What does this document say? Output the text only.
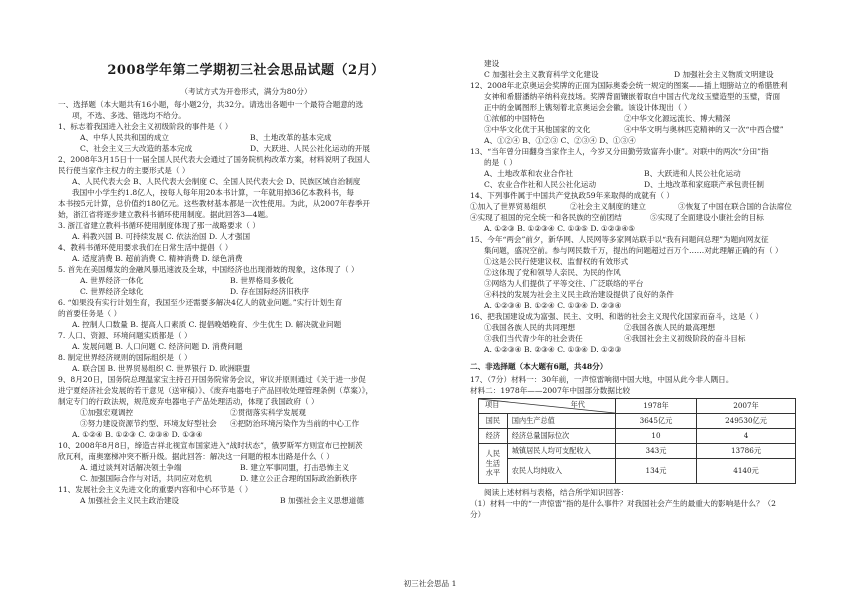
2008学年第二学期初三社会思品试题（2月）
（考试方式为开卷形式，满分为80分）

一、选择题（本大题共有16小题，每小题2分，共32分。请选出各题中一个最符合题意的选

项，不选、多选、错选均不给分。

1、标志着我国进入社会主义初级阶段的事件是（ ）

A、中华人民共和国的成立	B、土地改革的基本完成
C、社会主义三大改造的基本完成	D、大跃进、人民公社化运动的开展

2、2008年3月15日十一届全国人民代表大会通过了国务院机构改革方案，材料说明了我国人

民行使当家作主权力的主要形式是（ ）

A、人民代表大会 B、人民代表大会制度 C、全国人民代表大会 D、民族区域自治制度

我国中小学生约1.8亿人，按每人每年用20本书计算，一年就用掉36亿本教科书，每

本书按5元计算，总价值约180亿元。这些教材基本都是一次性使用。为此，从2007年春季开

始，浙江省将逐步建立教科书循环使用制度。据此回答3—4题。

3. 浙江省建立教科书循环使用制度体现了那一战略要求（ ）

A. 科教兴国 B. 可持续发展 C. 依法治国 D. 人才强国

4、教科书循环使用要求我们在日常生活中提倡（ ）

A. 适度消费 B. 超前消费 C. 精神消费 D. 绿色消费

5. 首先在美国爆发的金融风暴迅速波及全球，中国经济也出现滑坡的现象，这体现了（ ）

A. 世界经济一体化	B. 世界格局多极化
C. 世界经济全球化	D. 存在国际经济旧秩序

6. “如果没有实行计划生育，我国至少还需要多解决4亿人的就业问题。”实行计划生育

的首要任务是（ ）

A. 控制人口数量 B. 提高人口素质 C. 提倡晚婚晚育、少生优生 D. 解决就业问题

7. 人口、资源、环境问题实质都是（ ）

A. 发展问题 B. 人口问题 C. 经济问题 D. 消费问题

8. 制定世界经济规则的国际组织是（ ）

A. 联合国 B. 世界贸易组织 C. 世界银行 D. 欧洲联盟

9、8月20日，国务院总理温家宝主持召开国务院常务会议，审议并原则通过《关于进一步促

进宁夏经济社会发展的若干意见（送审稿）》、《废弃电器电子产品回收处理管理条例（草案）》，

制定专门的行政法规，规范废弃电器电子产品处理活动，体现了我国政府（ ）

①加强宏观调控	②贯彻落实科学发展观
③努力建设资源节约型、环境友好型社会	④把防治环境污染作为当前的中心工作

A. ①②④ B. ①②③ C. ②③④ D. ①③④

10、2008年8月8日，缔造吉祥北视宣布国家进入“战时状态”，俄罗斯军方则宣布已控制茨

欣瓦利，南奥塞梯冲突不断升级。据此回答：解决这一问题的根本出路是什么（ ）

A. 通过谈判对话解决领土争端	B. 建立军事同盟，打击恐怖主义
C. 加强国际合作与对话，共同应对危机	D. 建立公正合理的国际政治新秩序

11、发展社会主义先进文化的重要内容和中心环节是（ ）

A 加强社会主义民主政治建设	B 加强社会主义思想道德

建设

C 加强社会主义教育科学文化建设	D 加强社会主义物质文明建设

12、2008年北京奥运会奖牌的正面为国际奥委会统一规定的图案——插上翅膀站立的希腊胜利

女神和希腊潘纳辛纳科竞技场。奖牌背面镶嵌着取自中国古代龙纹玉璧造型的玉璧，背面

正中的金属图形上镌刻着北京奥运会会徽。该设计体现出（ ）

①浓郁的中国特色	②中华文化源远流长、博大精深
③中华文化优于其他国家的文化	④中华文明与奥林匹克精神的又一次“中西合璧”

A、①②④ B、①②③ C、②③④ D、①③④

13、“当年曾分田翻身当家作主人，今岁又分田勤劳致富奔小康”。对联中的两次“分田”指

的是（ ）

A、土地改革和农业合作社	B、大跃进和人民公社化运动
C、农业合作社和人民公社化运动	D、土地改革和家庭联产承包责任制

14、下列事件属于中国共产党执政59年来取得的成就有（ ）

①加入了世界贸易组织	②社会主义制度的建立	③恢复了中国在联合国的合法席位
④实现了祖国的完全统一和各民族的空前团结	⑤实现了全面建设小康社会的目标

A. ①②③ B. ①②③④ C. ①③⑤ D. ①②③④⑤

15、今年“两会”前夕，新华网、人民网等多家网站联手以“我有问题问总理”为题向网友征

集问题，盛况空前。参与网民数千万，提出的问题超过百万个……对此理解正确的有（ ）

①这是公民行使建议权、监督权的有效形式

②这体现了党和领导人亲民、为民的作风

③网络为人们提供了平等交往、广泛联络的平台

④科技的发展为社会主义民主政治建设提供了良好的条件

A. ①②③④ B. ①②④ C. ①③④ D. ②③④

16、把我国建设成为富强、民主、文明、和谐的社会主义现代化国家而奋斗，这是（ ）

①我国各族人民的共同理想	②我国各族人民的最高理想
③我们当代青少年的社会责任	④我国社会主义初级阶段的奋斗目标

A. ①②③④ B. ②③④ C. ①③④ D. ①②③

二、非选择题（本大题有6题，共48分）

17、（7分）材料一：30年前，一声惊雷响彻中国大地，中国从此今非人隅日。

材料二：1978年——2007年中国部分数据比较

项目 年代		1978年	2007年
国民	国内生产总值	3645亿元	249530亿元
经济	经济总量国际位次	10	4
人民
生活
水平	城镇居民人均可支配收入	343元	13786元
	农民人均纯收入	134元	4140元

阅读上述材料与表格，结合所学知识回答：

（1）材料一中的“一声惊雷”指的是什么事件？对我国社会产生的最重大的影响是什么？（2

分）

初三社会思品 1
